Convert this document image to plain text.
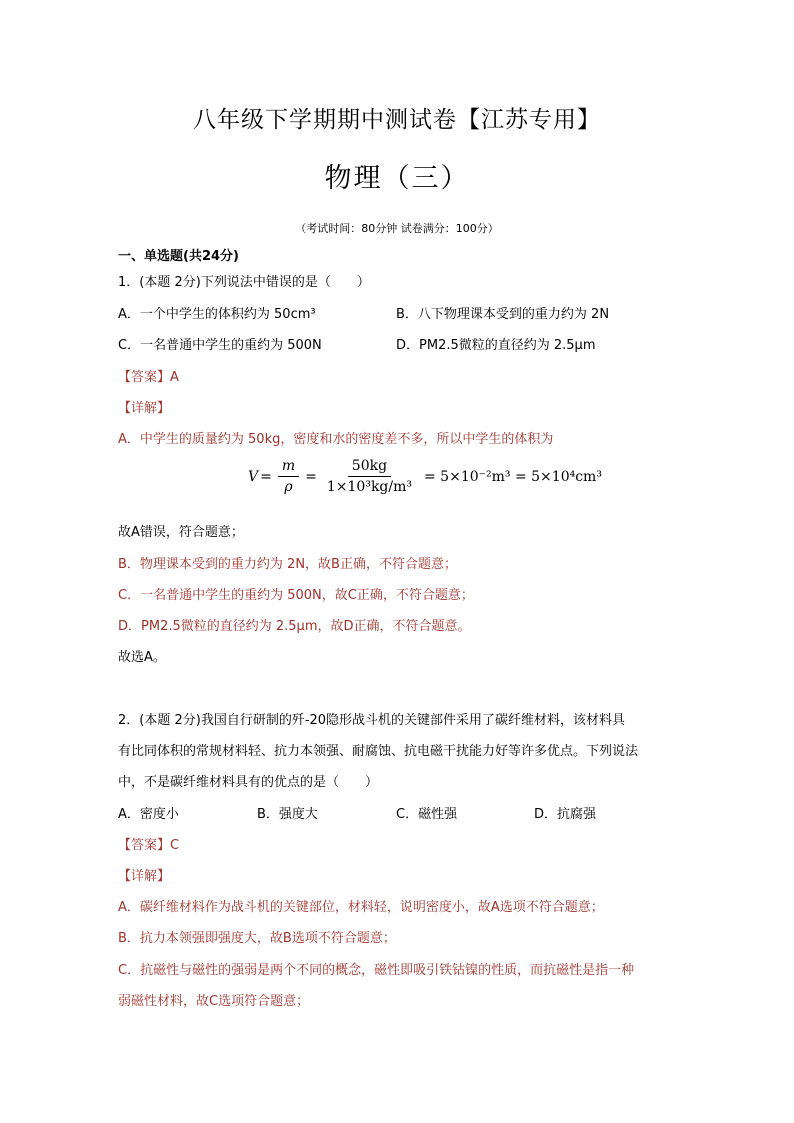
八年级下学期期中测试卷【江苏专用】
物理（三）
（考试时间：80分钟 试卷满分：100分）
一、单选题(共24分)
1．(本题 2分)下列说法中错误的是（　　）
A．一个中学生的体积约为 50cm³	B．八下物理课本受到的重力约为 2N
C．一名普通中学生的重约为 500N	D．PM2.5微粒的直径约为 2.5μm
【答案】A
【详解】
A．中学生的质量约为 50kg，密度和水的密度差不多，所以中学生的体积为
$V = \frac{m}{\rho} = \frac{50kg}{\text{1×10³kg/m³}} = 5\times 10^{-2}m^3 = 5\times 10^4cm^3$
故A错误，符合题意；
B．物理课本受到的重力约为 2N，故B正确，不符合题意；
C．一名普通中学生的重约为 500N，故C正确，不符合题意；
D．PM2.5微粒的直径约为 2.5μm，故D正确，不符合题意。
故选A。
2．(本题 2分)我国自行研制的歼-20隐形战斗机的关键部件采用了碳纤维材料，该材料具
有比同体积的常规材料轻、抗力本领强、耐腐蚀、抗电磁干扰能力好等许多优点。下列说法
中，不是碳纤维材料具有的优点的是（　　）
A．密度小	B．强度大	C．磁性强	D．抗腐强
【答案】C
【详解】
A．碳纤维材料作为战斗机的关键部位，材料轻，说明密度小，故A选项不符合题意；
B．抗力本领强即强度大，故B选项不符合题意；
C．抗磁性与磁性的强弱是两个不同的概念，磁性即吸引铁钴镍的性质，而抗磁性是指一种
弱磁性材料，故C选项符合题意；
